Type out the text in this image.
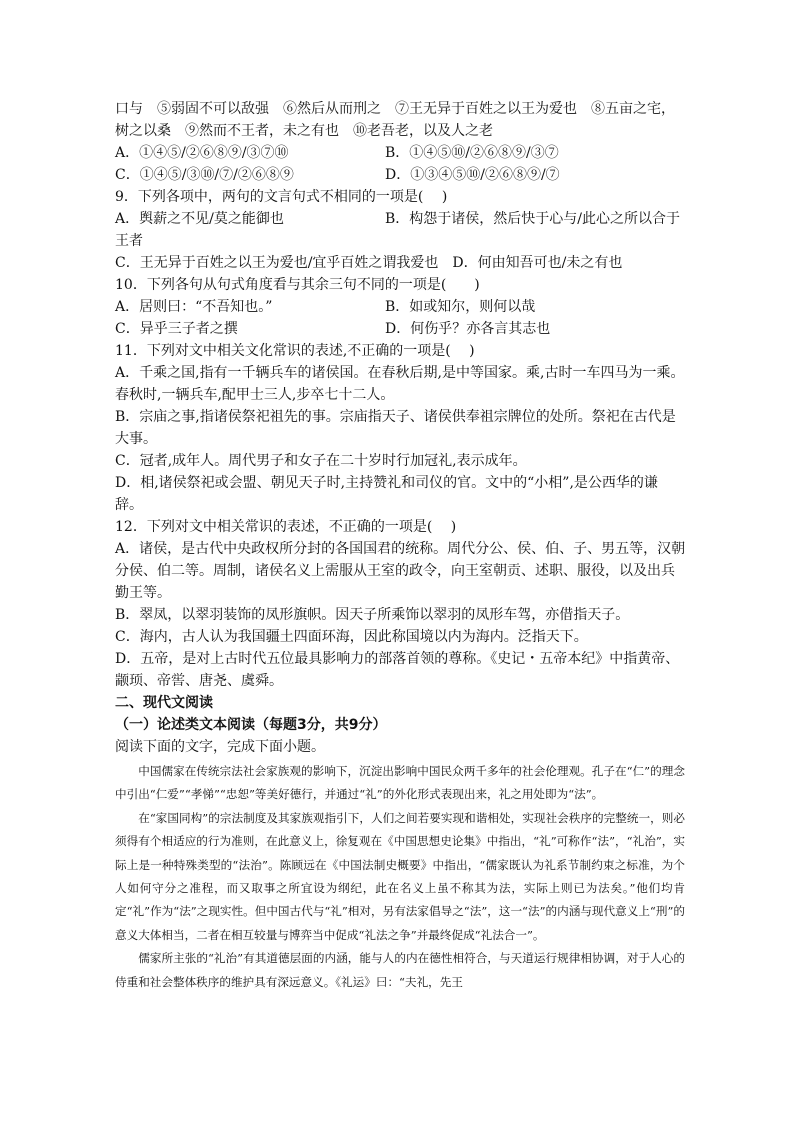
口与　⑤弱固不可以敌强　⑥然后从而刑之　⑦王无异于百姓之以王为爱也　⑧五亩之宅，
树之以桑　⑨然而不王者，未之有也　⑩老吾老，以及人之老
A．①④⑤/②⑥⑧⑨/③⑦⑩	B．①④⑤⑩/②⑥⑧⑨/③⑦
C．①④⑤/③⑩/⑦/②⑥⑧⑨	D．①③④⑤⑩/②⑥⑧⑨/⑦
9．下列各项中，两句的文言句式不相同的一项是(　 )
A．舆薪之不见/莫之能御也	B．构怨于诸侯，然后快于心与/此心之所以合于
王者
C．王无异于百姓之以王为爱也/宜乎百姓之谓我爱也　D．何由知吾可也/未之有也
10．下列各句从句式角度看与其余三句不同的一项是(　　)
A．居则曰：“不吾知也。”	B．如或知尔，则何以哉
C．异乎三子者之撰	D．何伤乎？亦各言其志也
11．下列对文中相关文化常识的表述,不正确的一项是(　 )
A．千乘之国,指有一千辆兵车的诸侯国。在春秋后期,是中等国家。乘,古时一车四马为一乘。
春秋时,一辆兵车,配甲士三人,步卒七十二人。
B．宗庙之事,指诸侯祭祀祖先的事。宗庙指天子、诸侯供奉祖宗牌位的处所。祭祀在古代是
大事。
C．冠者,成年人。周代男子和女子在二十岁时行加冠礼,表示成年。
D．相,诸侯祭祀或会盟、朝见天子时,主持赞礼和司仪的官。文中的“小相”,是公西华的谦
辞。
12．下列对文中相关常识的表述，不正确的一项是(　 )
A．诸侯，是古代中央政权所分封的各国国君的统称。周代分公、侯、伯、子、男五等，汉朝
分侯、伯二等。周制，诸侯名义上需服从王室的政令，向王室朝贡、述职、服役，以及出兵
勤王等。
B．翠凤，以翠羽装饰的凤形旗帜。因天子所乘饰以翠羽的凤形车驾，亦借指天子。
C．海内，古人认为我国疆土四面环海，因此称国境以内为海内。泛指天下。
D．五帝，是对上古时代五位最具影响力的部落首领的尊称。《史记・五帝本纪》中指黄帝、
颛顼、帝喾、唐尧、虞舜。
二、现代文阅读
（一）论述类文本阅读（每题3分，共9分）
阅读下面的文字，完成下面小题。

中国儒家在传统宗法社会家族观的影响下，沉淀出影响中国民众两千多年的社会伦理观。孔子在“仁”的理念中引出“仁爱”“孝悌”“忠恕”等美好德行，并通过“礼”的外化形式表现出来，礼之用处即为“法”。

在“家国同构”的宗法制度及其家族观指引下，人们之间若要实现和谐相处，实现社会秩序的完整统一，则必须得有个相适应的行为准则，在此意义上，徐复观在《中国思想史论集》中指出，“礼”可称作“法”，“礼治”，实际上是一种特殊类型的“法治”。陈顾远在《中国法制史概要》中指出，“儒家既认为礼系节制约束之标准，为个人如何守分之准程，而又取事之所宜设为纲纪，此在名义上虽不称其为法，实际上则已为法矣。”他们均肯定“礼”作为“法”之现实性。但中国古代与“礼”相对，另有法家倡导之“法”，这一“法”的内涵与现代意义上“刑”的意义大体相当，二者在相互较量与博弈当中促成“礼法之争”并最终促成“礼法合一”。

儒家所主张的“礼治”有其道德层面的内涵，能与人的内在德性相符合，与天道运行规律相协调，对于人心的侍重和社会整体秩序的维护具有深远意义。《礼运》曰：“夫礼，先王
